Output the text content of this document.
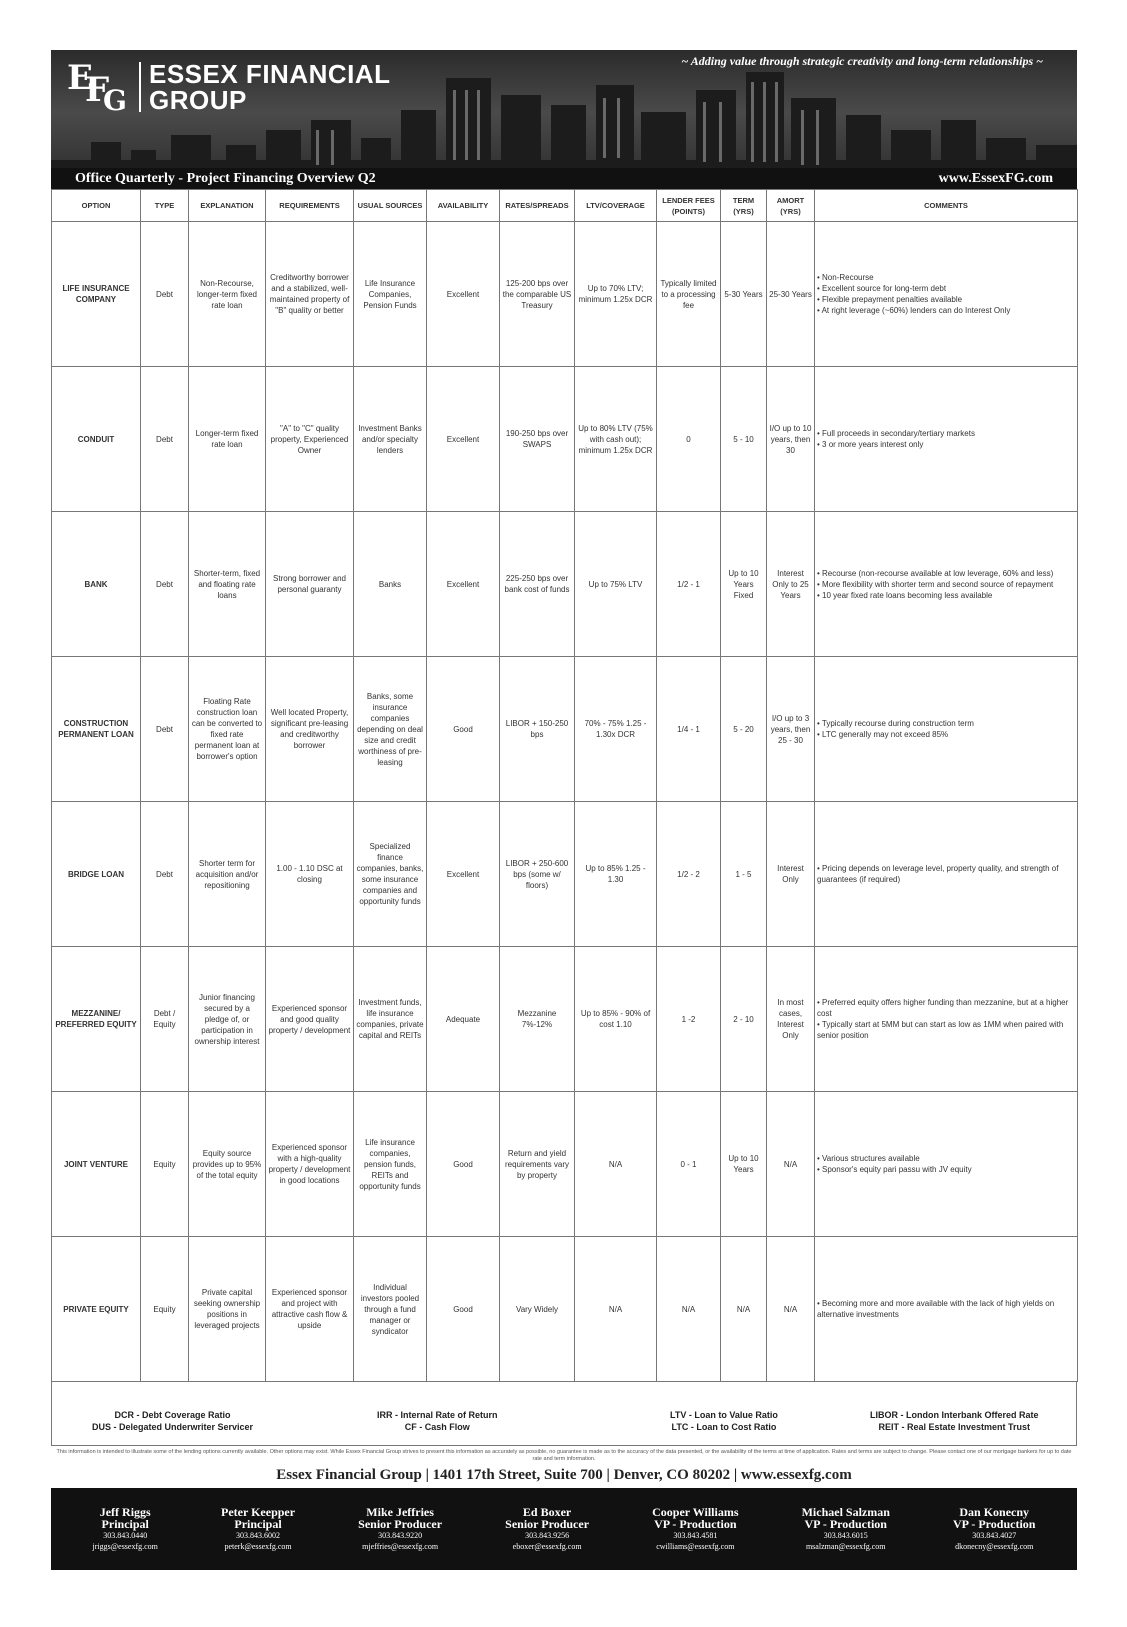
E
F
G
ESSEX FINANCIAL
GROUP
~ Adding value through strategic creativity and long-term relationships ~
Office Quarterly - Project Financing Overview Q2	www.EssexFG.com
OPTION	TYPE	EXPLANATION	REQUIREMENTS	USUAL SOURCES	AVAILABILITY	RATES/SPREADS	LTV/COVERAGE	LENDER FEES (POINTS)	TERM (YRS)	AMORT (YRS)	COMMENTS
LIFE INSURANCE COMPANY	Debt	Non-Recourse, longer-term fixed rate loan	Creditworthy borrower and a stabilized, well-maintained property of "B" quality or better	Life Insurance Companies, Pension Funds	Excellent	125-200 bps over the comparable US Treasury	Up to 70% LTV; minimum 1.25x DCR	Typically limited to a processing fee	5-30 Years	25-30 Years	• Non-Recourse
• Excellent source for long-term debt
• Flexible prepayment penalties available
• At right leverage (~60%) lenders can do Interest Only

CONDUIT	Debt	Longer-term fixed rate loan	"A" to "C" quality property, Experienced Owner	Investment Banks and/or specialty lenders	Excellent	190-250 bps over SWAPS	Up to 80% LTV (75% with cash out); minimum 1.25x DCR	0	5 - 10	I/O up to 10 years, then 30	• Full proceeds in secondary/tertiary markets
• 3 or more years interest only

BANK	Debt	Shorter-term, fixed and floating rate loans	Strong borrower and personal guaranty	Banks	Excellent	225-250 bps over bank cost of funds	Up to 75% LTV	1/2 - 1	Up to 10 Years Fixed	Interest Only to 25 Years	• Recourse (non-recourse available at low leverage, 60% and less)
• More flexibility with shorter term and second source of repayment
• 10 year fixed rate loans becoming less available

CONSTRUCTION PERMANENT LOAN	Debt	Floating Rate construction loan can be converted to fixed rate permanent loan at borrower's option	Well located Property, significant pre-leasing and creditworthy borrower	Banks, some insurance companies depending on deal size and credit worthiness of pre-leasing	Good	LIBOR + 150-250 bps	70% - 75% 1.25 - 1.30x DCR	1/4 - 1	5 - 20	I/O up to 3 years, then 25 - 30	• Typically recourse during construction term
• LTC generally may not exceed 85%

BRIDGE LOAN	Debt	Shorter term for acquisition and/or repositioning	1.00 - 1.10 DSC at closing	Specialized finance companies, banks, some insurance companies and opportunity funds	Excellent	LIBOR + 250-600 bps (some w/ floors)	Up to 85% 1.25 - 1.30	1/2 - 2	1 - 5	Interest Only	• Pricing depends on leverage level, property quality, and strength of guarantees (if required)

MEZZANINE/ PREFERRED EQUITY	Debt / Equity	Junior financing secured by a pledge of, or participation in ownership interest	Experienced sponsor and good quality property / development	Investment funds, life insurance companies, private capital and REITs	Adequate	Mezzanine 7%-12%	Up to 85% - 90% of cost 1.10	1 -2	2 - 10	In most cases, Interest Only	• Preferred equity offers higher funding than mezzanine, but at a higher cost
• Typically start at 5MM but can start as low as 1MM when paired with senior position

JOINT VENTURE	Equity	Equity source provides up to 95% of the total equity	Experienced sponsor with a high-quality property / development in good locations	Life insurance companies, pension funds, REITs and opportunity funds	Good	Return and yield requirements vary by property	N/A	0 - 1	Up to 10 Years	N/A	• Various structures available
• Sponsor's equity pari passu with JV equity

PRIVATE EQUITY	Equity	Private capital seeking ownership positions in leveraged projects	Experienced sponsor and project with attractive cash flow & upside	Individual investors pooled through a fund manager or syndicator	Good	Vary Widely	N/A	N/A	N/A	N/A	• Becoming more and more available with the lack of high yields on alternative investments
DCR - Debt Coverage Ratio
DUS - Delegated Underwriter Servicer
IRR - Internal Rate of Return
CF - Cash Flow
LTV - Loan to Value Ratio
LTC - Loan to Cost Ratio
LIBOR - London Interbank Offered Rate
REIT - Real Estate Investment Trust
This information is intended to illustrate some of the lending options currently available. Other options may exist. While Essex Financial Group strives to present this information as accurately as possible, no guarantee is made as to the accuracy of the data presented, or the availability of the terms at time of application. Rates and terms are subject to change. Please contact one of our mortgage bankers for up to date rate and term information.
Essex Financial Group | 1401 17th Street, Suite 700 | Denver, CO 80202 | www.essexfg.com
Jeff Riggs
Principal
303.843.0440
jriggs@essexfg.com
Peter Keepper
Principal
303.843.6002
peterk@essexfg.com
Mike Jeffries
Senior Producer
303.843.9220
mjeffries@essexfg.com
Ed Boxer
Senior Producer
303.843.9256
eboxer@essexfg.com
Cooper Williams
VP - Production
303.843.4581
cwilliams@essexfg.com
Michael Salzman
VP - Production
303.843.6015
msalzman@essexfg.com
Dan Konecny
VP - Production
303.843.4027
dkonecny@essexfg.com
